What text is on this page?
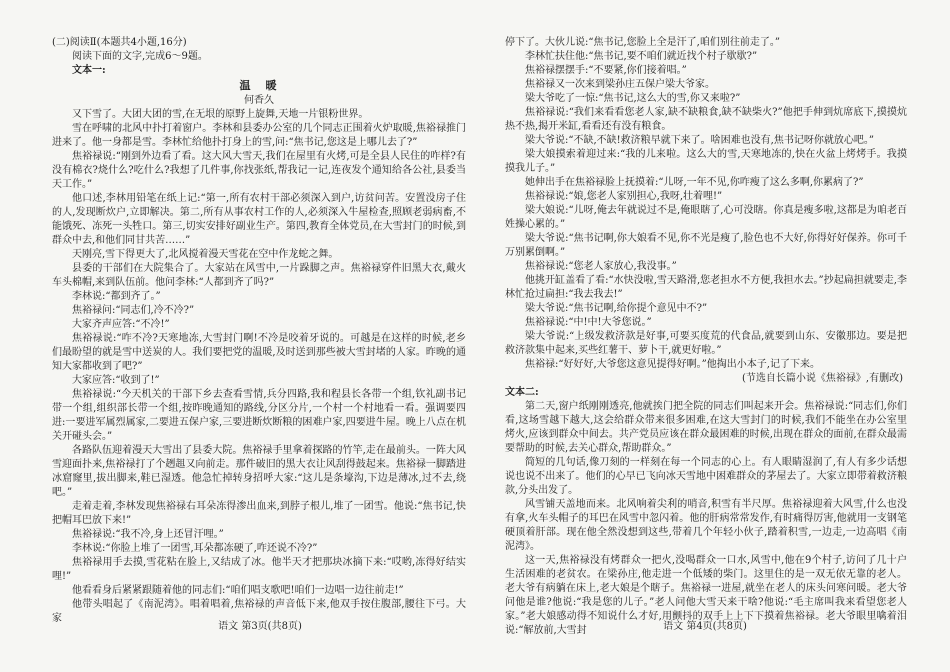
(二)阅读Ⅱ(本题共4小题,16分)

阅读下面的文字,完成6～9题。

文本一:

温　暖

何香久

又下雪了。大团大团的雪,在无垠的原野上旋舞,天地一片银粉世界。

雪在呼啸的北风中扑打着窗户。李林和县委办公室的几个同志正围着火炉取暖,焦裕禄推门进来了。他一身都是雪。李林忙给他扑打身上的雪,问:“焦书记,您这是上哪儿去了?”

焦裕禄说:“刚到外边看了看。这大风大雪天,我们在屋里有火烤,可是全县人民住的咋样?有没有棉衣?烧什么?吃什么?我想了几件事,你找张纸,帮我记一记,连夜发个通知给各公社,县委当天工作。”

他口述,李林用铅笔在纸上记:“第一,所有农村干部必须深入到户,访贫问苦。安置没房子住的人,发现断炊户,立即解决。第二,所有从事农村工作的人,必须深入牛屋检查,照顾老弱病畜,不能饿死、冻死一头牲口。第三,切实安排好副业生产。第四,教育全体党员,在大雪封门的时候,到群众中去,和他们同甘共苦……”

天刚亮,雪下得更大了,北风搅着漫天雪花在空中作龙蛇之舞。

县委的干部们在大院集合了。大家站在风雪中,一片跺脚之声。焦裕禄穿件旧黑大衣,戴火车头棉帽,来到队伍前。他问李林:“人都到齐了吗?”

李林说:“都到齐了。”

焦裕禄问:“同志们,冷不冷?”

大家齐声应答:“不冷!”

焦裕禄说:“咋不冷?天寒地冻,大雪封门啊!不冷是咬着牙说的。可越是在这样的时候,老乡们最盼望的就是雪中送炭的人。我们要把党的温暖,及时送到那些被大雪封堵的人家。昨晚的通知大家都收到了吧?”

大家应答:“收到了!”

焦裕禄说:“今天机关的干部下乡去查看雪情,兵分四路,我和程县长各带一个组,钦礼副书记带一个组,组织部长带一个组,按昨晚通知的路线,分区分片,一个村一个村地看一看。强调要四进:一要进军属烈属家,二要进五保户家,三要进断炊断粮的困难户家,四要进牛屋。晚上八点在机关开碰头会。”

各路队伍迎着漫天大雪出了县委大院。焦裕禄手里拿着探路的竹竿,走在最前头。一阵大风雪迎面扑来,焦裕禄打了个趔趄又向前走。那件破旧的黑大衣让风刮得鼓起来。焦裕禄一脚踏进冰窟窿里,拔出脚来,鞋已湿透。他急忙掉转身招呼大家:“这儿是条壕沟,下边是薄冰,过不去,绕吧。”

走着走着,李林发现焦裕禄右耳朵冻得渗出血来,到脖子根儿,堆了一团雪。他说:“焦书记,快把帽耳巴放下来!”

焦裕禄说:“我不冷,身上还冒汗哩。”

李林说:“你脸上堆了一团雪,耳朵都冻硬了,咋还说不冷?”

焦裕禄用手去摸,雪花粘在脸上,又结成了冰。他半天才把那块冰摘下来:“哎哟,冻得好结实哩!”

他看看身后紧紧跟随着他的同志们:“咱们唱支歌吧!咱们一边唱一边往前走!”

他带头唱起了《南泥湾》。唱着唱着,焦裕禄的声音低下来,他双手按住腹部,腰往下弓。大家

停下了。大伙儿说:“焦书记,您脸上全是汗了,咱们别往前走了。”

李林忙扶住他:“焦书记,要不咱们就近找个村子歇歇?”

焦裕禄摆摆手:“不要紧,你们接着唱。”

焦裕禄又一次来到梁孙庄五保户梁大爷家。

梁大爷吃了一惊:“焦书记,这么大的雪,你又来啦?”

焦裕禄说:“我们来看看您老人家,缺不缺粮食,缺不缺柴火?”他把手伸到炕席底下,摸摸炕热不热,揭开米缸,看看还有没有粮食。

梁大爷说:“不缺,不缺!救济粮早就下来了。啥困难也没有,焦书记呀你就放心吧。”

梁大娘摸索着迎过来:“我的儿来啦。这么大的雪,天寒地冻的,快在火盆上烤烤手。我摸摸我儿子。”

她伸出手在焦裕禄脸上抚摸着:“儿呀,一年不见,你咋瘦了这么多啊,你累病了?”

焦裕禄说:“娘,您老人家别担心,我呀,壮着哩!”

梁大娘说:“儿呀,俺去年就说过不是,俺眼瞎了,心可没瞎。你真是瘦多啦,这都是为咱老百姓操心累的。”

梁大爷说:“焦书记啊,你大娘看不见,你不光是瘦了,脸色也不大好,你得好好保养。你可千万别累倒啊。”

焦裕禄说:“您老人家放心,我没事。”

他挑开缸盖看了看:“水快没啦,雪天路滑,您老担水不方便,我担水去。”抄起扁担就要走,李林忙抢过扁担:“我去我去!”

梁大爷说:“焦书记啊,给你提个意见中不?”

焦裕禄说:“中!中!大爷您说。”

梁大爷说:“上级发救济款是好事,可要买度荒的代食品,就要到山东、安徽那边。要是把救济款集中起来,买些红薯干、萝卜干,就更好啦。”

焦裕禄:“好好好,大爷您这意见提得好啊。”他掏出小本子,记了下来。

(节选自长篇小说《焦裕禄》,有删改)

文本二:

第二天,窗户纸刚刚透亮,他就挨门把全院的同志们叫起来开会。焦裕禄说:“同志们,你们看,这场雪越下越大,这会给群众带来很多困难,在这大雪封门的时候,我们不能坐在办公室里烤火,应该到群众中间去。共产党员应该在群众最困难的时候,出现在群众的面前,在群众最需要帮助的时候,去关心群众,帮助群众。”

简短的几句话,像刀刻的一样刻在每一个同志的心上。有人眼睛湿润了,有人有多少话想说也说不出来了。他们的心早已飞向冰天雪地中困难群众的茅屋去了。大家立即带着救济粮款,分头出发了。

风雪铺天盖地而来。北风响着尖利的哨音,积雪有半尺厚。焦裕禄迎着大风雪,什么也没有拿,火车头帽子的耳巴在风雪中忽闪着。他的肝病常常发作,有时痛得厉害,他就用一支钢笔硬顶着肝部。现在他全然没想到这些,带着几个年轻小伙子,踏着积雪,一边走,一边高唱《南泥湾》。

这一天,焦裕禄没有烤群众一把火,没喝群众一口水,风雪中,他在9个村子,访问了几十户生活困难的老贫农。在梁孙庄,他走进一个低矮的柴门。这里住的是一双无依无靠的老人。老大爷有病躺在床上,老大娘是个瞎子。焦裕禄一进屋,就坐在老人的床头问寒问暖。老大爷问他是谁?他说:“我是您的儿子。”老人问他大雪天来干啥?他说:“毛主席叫我来看望您老人家。”老大娘感动得不知说什么才好,用颤抖的双手上上下下摸着焦裕禄。老大爷眼里噙着泪说:“解放前,大雪封

语文 第3页(共8页)	语文 第4页(共8页)
